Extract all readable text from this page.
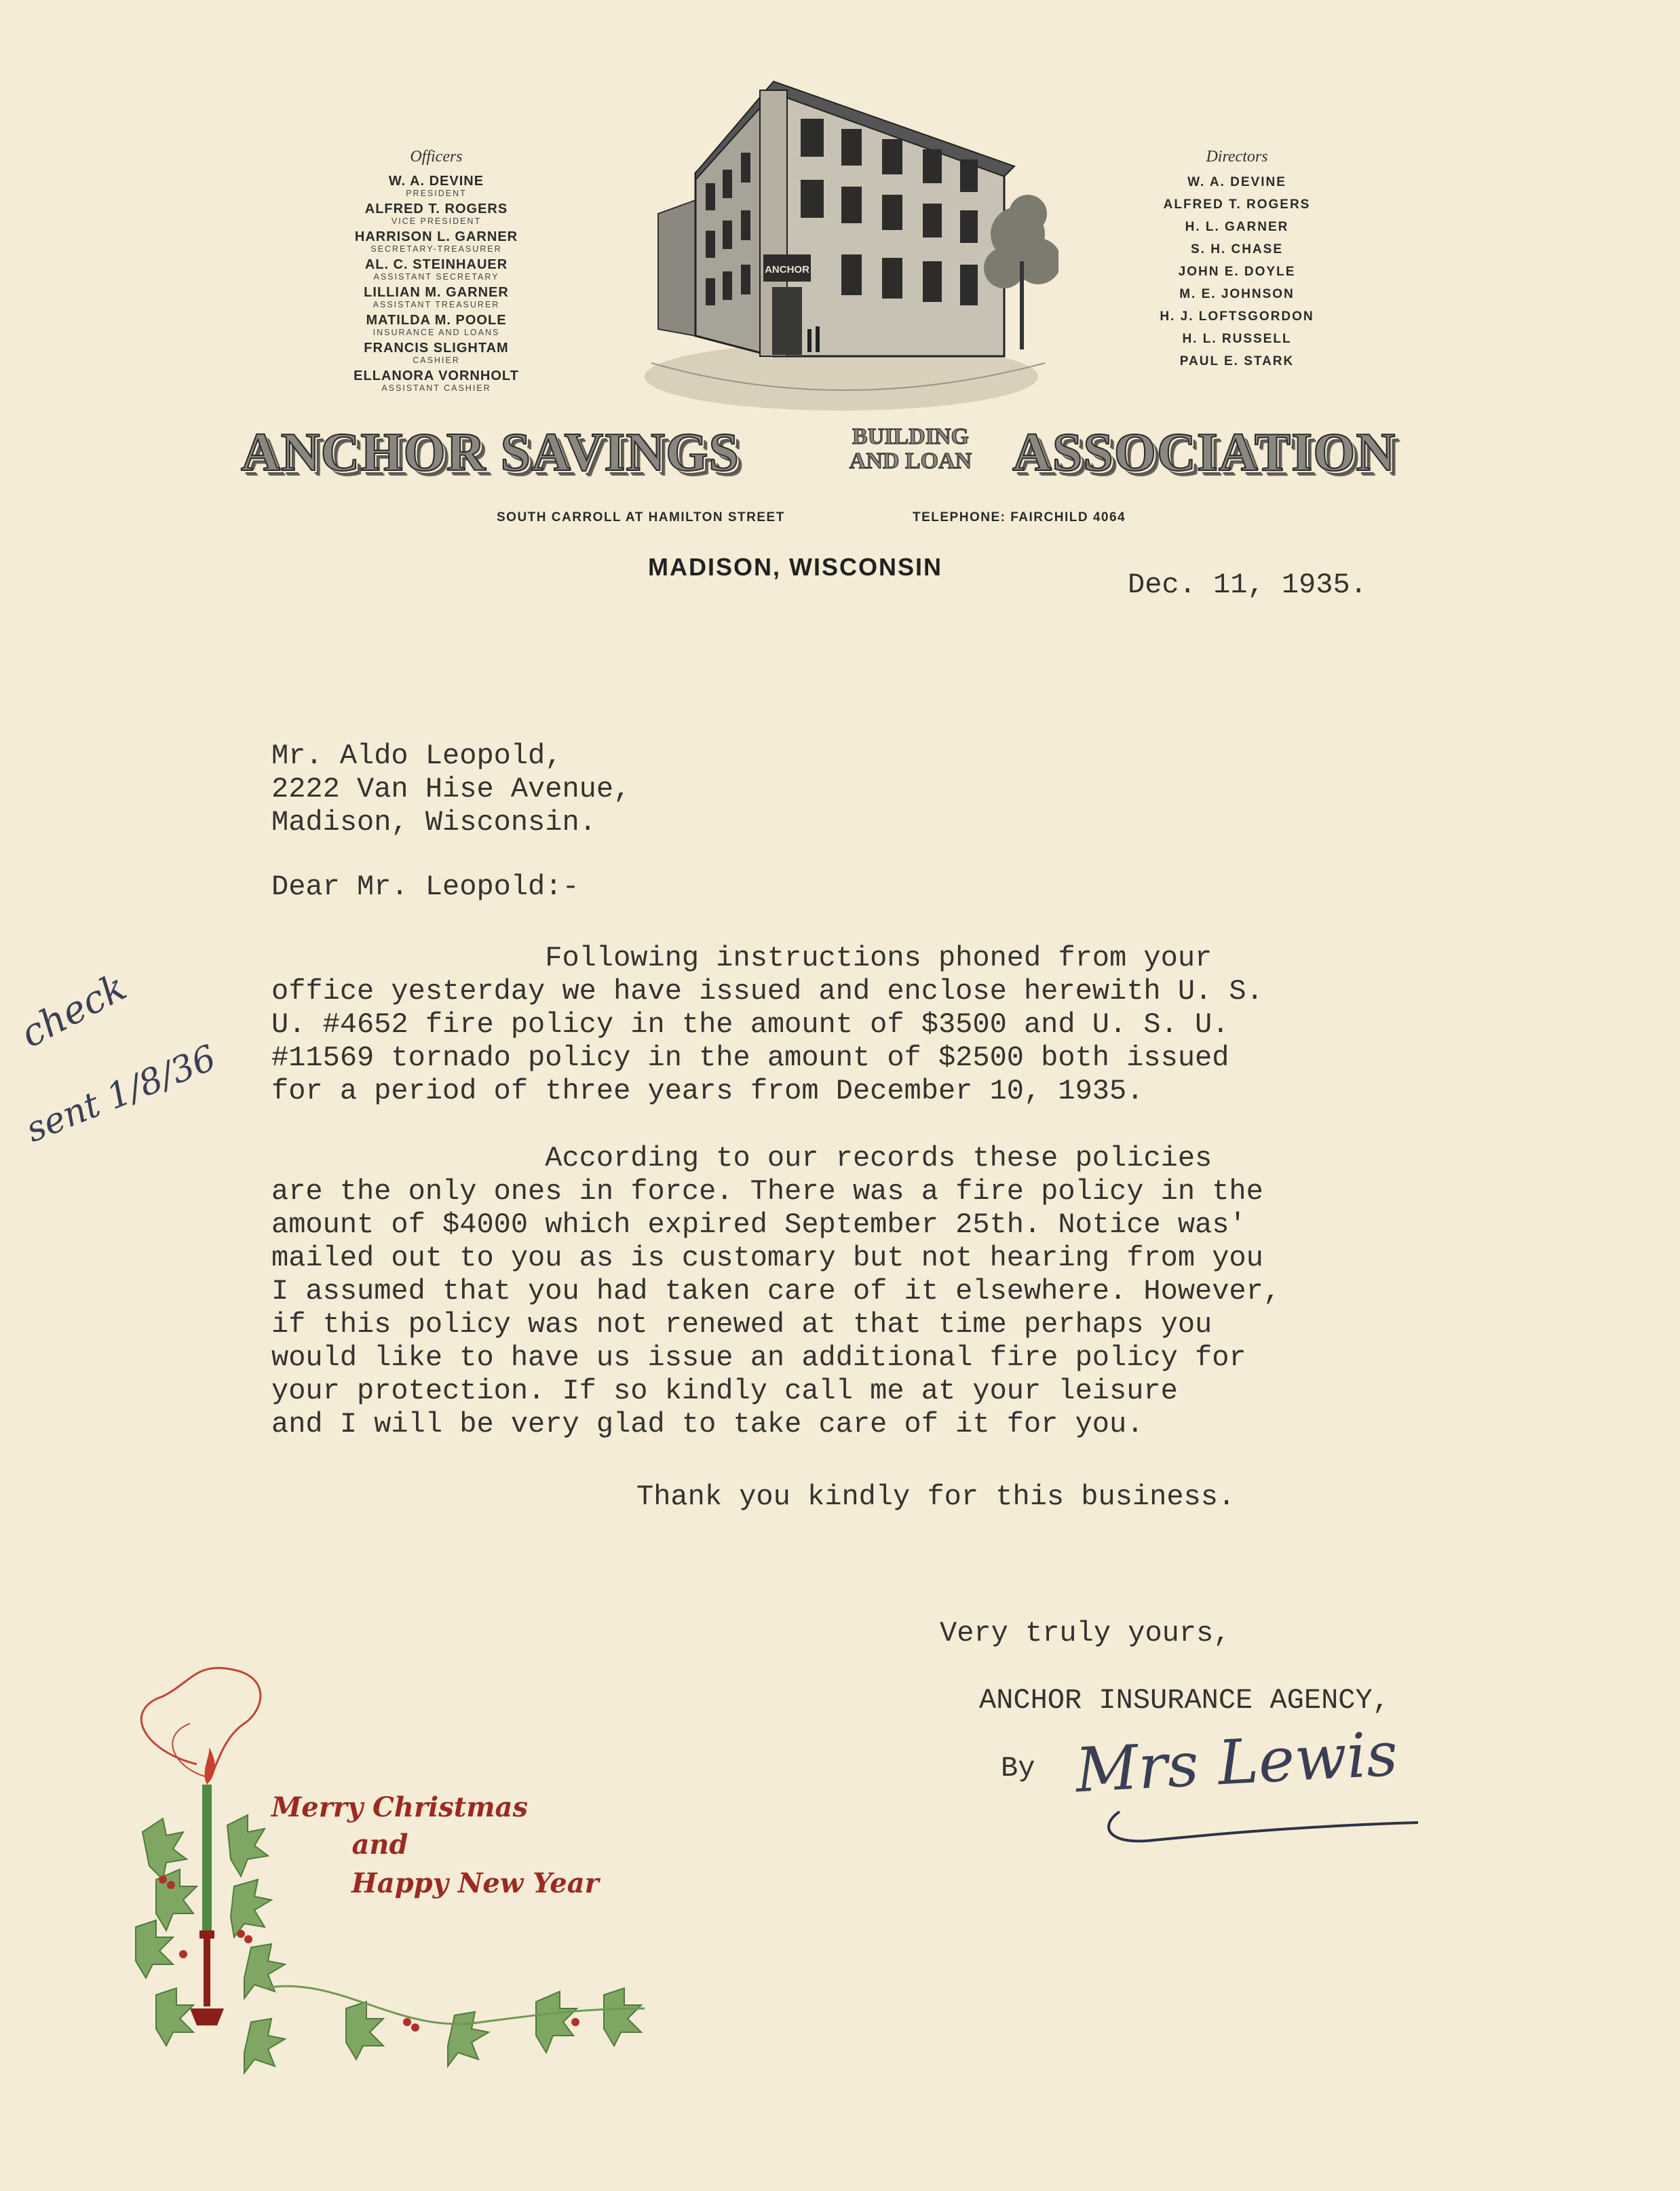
Officers
W. A. DEVINE
PRESIDENT
ALFRED T. ROGERS
VICE PRESIDENT
HARRISON L. GARNER
SECRETARY-TREASURER
AL. C. STEINHAUER
ASSISTANT SECRETARY
LILLIAN M. GARNER
ASSISTANT TREASURER
MATILDA M. POOLE
INSURANCE AND LOANS
FRANCIS SLIGHTAM
CASHIER
ELLANORA VORNHOLT
ASSISTANT CASHIER
Directors
W. A. DEVINE
ALFRED T. ROGERS
H. L. GARNER
S. H. CHASE
JOHN E. DOYLE
M. E. JOHNSON
H. J. LOFTSGORDON
H. L. RUSSELL
PAUL E. STARK
ANCHOR
ANCHOR SAVINGS	BUILDING
AND LOAN ASSOCIATION
SOUTH CARROLL AT HAMILTON STREET	TELEPHONE: FAIRCHILD 4064
MADISON, WISCONSIN
Dec. 11, 1935.
Mr. Aldo Leopold,
2222 Van Hise Avenue,
Madison, Wisconsin.
Dear Mr. Leopold:-
Following instructions phoned from your
office yesterday we have issued and enclose herewith U. S.
U. #4652 fire policy in the amount of $3500 and U. S. U.
#11569 tornado policy in the amount of $2500 both issued
for a period of three years from December 10, 1935.
According to our records these policies
are the only ones in force. There was a fire policy in the
amount of $4000 which expired September 25th. Notice was'
mailed out to you as is customary but not hearing from you
I assumed that you had taken care of it elsewhere. However,
if this policy was not renewed at that time perhaps you
would like to have us issue an additional fire policy for
your protection. If so kindly call me at your leisure
and I will be very glad to take care of it for you.
Thank you kindly for this business.
Very truly yours,
ANCHOR INSURANCE AGENCY,
By Mrs Lewis
check
sent 1/8/36
Merry Christmas
and
Happy New Year
